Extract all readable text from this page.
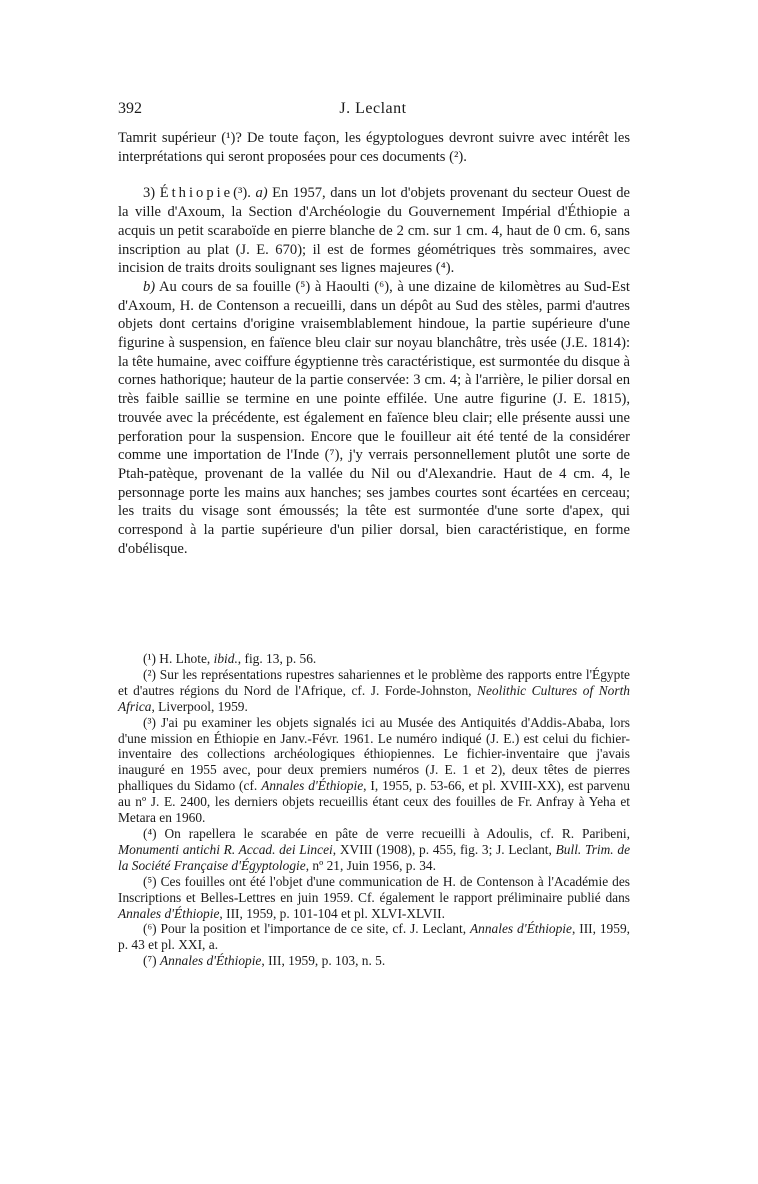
392	J. Leclant

Tamrit supérieur (¹)? De toute façon, les égyptologues devront suivre avec intérêt les interprétations qui seront proposées pour ces documents (²).

3) Éthiopie(³). a) En 1957, dans un lot d'objets provenant du secteur Ouest de la ville d'Axoum, la Section d'Archéologie du Gouvernement Impérial d'Éthiopie a acquis un petit scaraboïde en pierre blanche de 2 cm. sur 1 cm. 4, haut de 0 cm. 6, sans inscription au plat (J. E. 670); il est de formes géométriques très sommaires, avec incision de traits droits soulignant ses lignes majeures (⁴).

b) Au cours de sa fouille (⁵) à Haoulti (⁶), à une dizaine de kilomètres au Sud-Est d'Axoum, H. de Contenson a recueilli, dans un dépôt au Sud des stèles, parmi d'autres objets dont certains d'origine vraisemblablement hindoue, la partie supérieure d'une figurine à suspension, en faïence bleu clair sur noyau blanchâtre, très usée (J.E. 1814): la tête humaine, avec coiffure égyptienne très caractéristique, est surmontée du disque à cornes hathorique; hauteur de la partie conservée: 3 cm. 4; à l'arrière, le pilier dorsal en très faible saillie se termine en une pointe effilée. Une autre figurine (J. E. 1815), trouvée avec la précédente, est également en faïence bleu clair; elle présente aussi une perforation pour la suspension. Encore que le fouilleur ait été tenté de la considérer comme une importation de l'Inde (⁷), j'y verrais personnellement plutôt une sorte de Ptah-patèque, provenant de la vallée du Nil ou d'Alexandrie. Haut de 4 cm. 4, le personnage porte les mains aux hanches; ses jambes courtes sont écartées en cerceau; les traits du visage sont émoussés; la tête est surmontée d'une sorte d'apex, qui correspond à la partie supérieure d'un pilier dorsal, bien caractéristique, en forme d'obélisque.

(¹) H. Lhote, ibid., fig. 13, p. 56.

(²) Sur les représentations rupestres sahariennes et le problème des rapports entre l'Égypte et d'autres régions du Nord de l'Afrique, cf. J. Forde-Johnston, Neolithic Cultures of North Africa, Liverpool, 1959.

(³) J'ai pu examiner les objets signalés ici au Musée des Antiquités d'Addis-Ababa, lors d'une mission en Éthiopie en Janv.-Févr. 1961. Le numéro indiqué (J. E.) est celui du fichier-inventaire des collections archéologiques éthiopiennes. Le fichier-inventaire que j'avais inauguré en 1955 avec, pour deux premiers numéros (J. E. 1 et 2), deux têtes de pierres phalliques du Sidamo (cf. Annales d'Éthiopie, I, 1955, p. 53-66, et pl. XVIII-XX), est parvenu au nº J. E. 2400, les derniers objets recueillis étant ceux des fouilles de Fr. Anfray à Yeha et Metara en 1960.

(⁴) On rapellera le scarabée en pâte de verre recueilli à Adoulis, cf. R. Paribeni, Monumenti antichi R. Accad. dei Lincei, XVIII (1908), p. 455, fig. 3; J. Leclant, Bull. Trim. de la Société Française d'Égyptologie, nº 21, Juin 1956, p. 34.

(⁵) Ces fouilles ont été l'objet d'une communication de H. de Contenson à l'Académie des Inscriptions et Belles-Lettres en juin 1959. Cf. également le rapport préliminaire publié dans Annales d'Éthiopie, III, 1959, p. 101-104 et pl. XLVI-XLVII.

(⁶) Pour la position et l'importance de ce site, cf. J. Leclant, Annales d'Éthiopie, III, 1959, p. 43 et pl. XXI, a.

(⁷) Annales d'Éthiopie, III, 1959, p. 103, n. 5.
